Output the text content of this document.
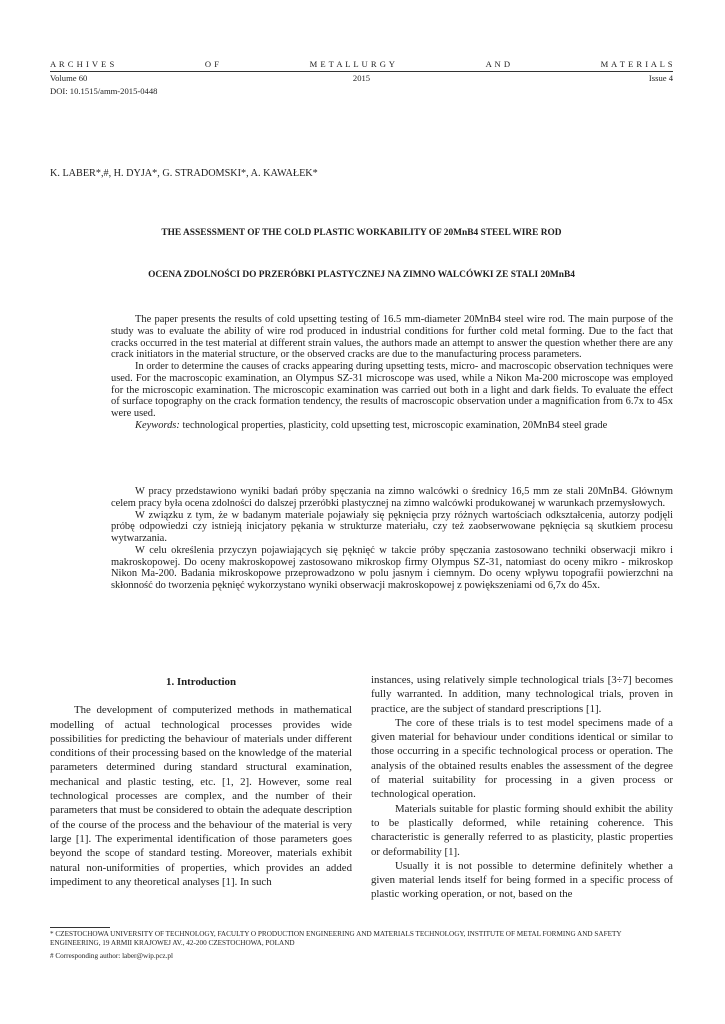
A R C H I V E S	O F	M E T A L L U R G Y	A N D	M A T E R I A L S
Volume 60	2015	Issue 4
DOI: 10.1515/amm-2015-0448
K. LABER*,#, H. DYJA*, G. STRADOMSKI*, A. KAWAŁEK*
THE ASSESSMENT OF THE COLD PLASTIC WORKABILITY OF 20MnB4 STEEL WIRE ROD
OCENA ZDOLNOŚCI DO PRZERÓBKI PLASTYCZNEJ NA ZIMNO WALCÓWKI ZE STALI 20MnB4

The paper presents the results of cold upsetting testing of 16.5 mm-diameter 20MnB4 steel wire rod. The main purpose of the study was to evaluate the ability of wire rod produced in industrial conditions for further cold metal forming. Due to the fact that cracks occurred in the test material at different strain values, the authors made an attempt to answer the question whether there are any crack initiators in the material structure, or the observed cracks are due to the manufacturing process parameters.

In order to determine the causes of cracks appearing during upsetting tests, micro- and macroscopic observation techniques were used. For the macroscopic examination, an Olympus SZ-31 microscope was used, while a Nikon Ma-200 microscope was employed for the microscopic examination. The microscopic examination was carried out both in a light and dark fields. To evaluate the effect of surface topography on the crack formation tendency, the results of macroscopic observation under a magnification from 6.7x to 45x were used.

Keywords: technological properties, plasticity, cold upsetting test, microscopic examination, 20MnB4 steel grade

W pracy przedstawiono wyniki badań próby spęczania na zimno walcówki o średnicy 16,5 mm ze stali 20MnB4. Głównym celem pracy była ocena zdolności do dalszej przeróbki plastycznej na zimno walcówki produkowanej w warunkach przemysłowych.

W związku z tym, że w badanym materiale pojawiały się pęknięcia przy różnych wartościach odkształcenia, autorzy podjęli próbę odpowiedzi czy istnieją inicjatory pękania w strukturze materiału, czy też zaobserwowane pęknięcia są skutkiem procesu wytwarzania.

W celu określenia przyczyn pojawiających się pęknięć w takcie próby spęczania zastosowano techniki obserwacji mikro i makroskopowej. Do oceny makroskopowej zastosowano mikroskop firmy Olympus SZ-31, natomiast do oceny mikro - mikroskop Nikon Ma-200. Badania mikroskopowe przeprowadzono w polu jasnym i ciemnym. Do oceny wpływu topografii powierzchni na skłonność do tworzenia pęknięć wykorzystano wyniki obserwacji makroskopowej z powiększeniami od 6,7x do 45x.

1. Introduction

The development of computerized methods in mathematical modelling of actual technological processes provides wide possibilities for predicting the behaviour of materials under different conditions of their processing based on the knowledge of the material parameters determined during standard structural examination, mechanical and plastic testing, etc. [1, 2]. However, some real technological processes are complex, and the number of their parameters that must be considered to obtain the adequate description of the course of the process and the behaviour of the material is very large [1]. The experimental identification of those parameters goes beyond the scope of standard testing. Moreover, materials exhibit natural non-uniformities of properties, which provides an added impediment to any theoretical analyses [1]. In such

instances, using relatively simple technological trials [3÷7] becomes fully warranted. In addition, many technological trials, proven in practice, are the subject of standard prescriptions [1].

The core of these trials is to test model specimens made of a given material for behaviour under conditions identical or similar to those occurring in a specific technological process or operation. The analysis of the obtained results enables the assessment of the degree of material suitability for processing in a given process or technological operation.

Materials suitable for plastic forming should exhibit the ability to be plastically deformed, while retaining coherence. This characteristic is generally referred to as plasticity, plastic properties or deformability [1].

Usually it is not possible to determine definitely whether a given material lends itself for being formed in a specific process of plastic working operation, or not, based on the

* CZESTOCHOWA UNIVERSITY OF TECHNOLOGY, FACULTY O PRODUCTION ENGINEERING AND MATERIALS TECHNOLOGY, INSTITUTE OF METAL FORMING AND SAFETY ENGINEERING, 19 ARMII KRAJOWEJ AV., 42-200 CZESTOCHOWA, POLAND
# Corresponding author: laber@wip.pcz.pl
